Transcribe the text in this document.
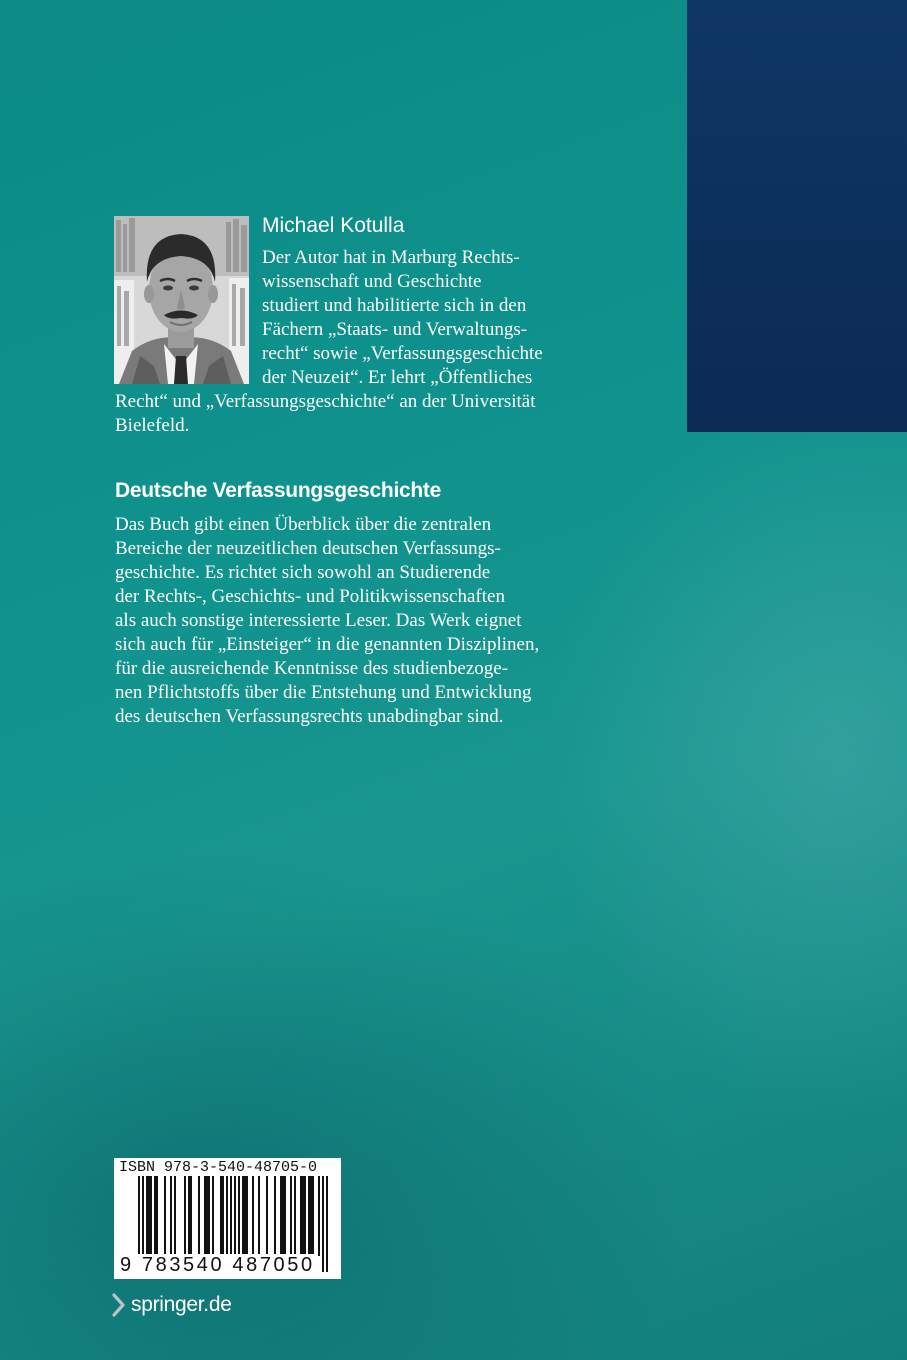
Michael Kotulla

Der Autor hat in Marburg Rechts-

wissenschaft und Geschichte

studiert und habilitierte sich in den

Fächern „Staats- und Verwaltungs-

recht“ sowie „Verfassungsgeschichte

der Neuzeit“. Er lehrt „Öffentliches

Recht“ und „Verfassungsgeschichte“ an der Universität

Bielefeld.

Deutsche Verfassungsgeschichte

Das Buch gibt einen Überblick über die zentralen

Bereiche der neuzeitlichen deutschen Verfassungs-

geschichte. Es richtet sich sowohl an Studierende

der Rechts-, Geschichts- und Politikwissenschaften

als auch sonstige interessierte Leser. Das Werk eignet

sich auch für „Einsteiger“ in die genannten Disziplinen,

für die ausreichende Kenntnisse des studienbezoge-

nen Pflichtstoffs über die Entstehung und Entwicklung

des deutschen Verfassungsrechts unabdingbar sind.

ISBN 978-3-540-48705-0

9 783540 487050

springer.de
